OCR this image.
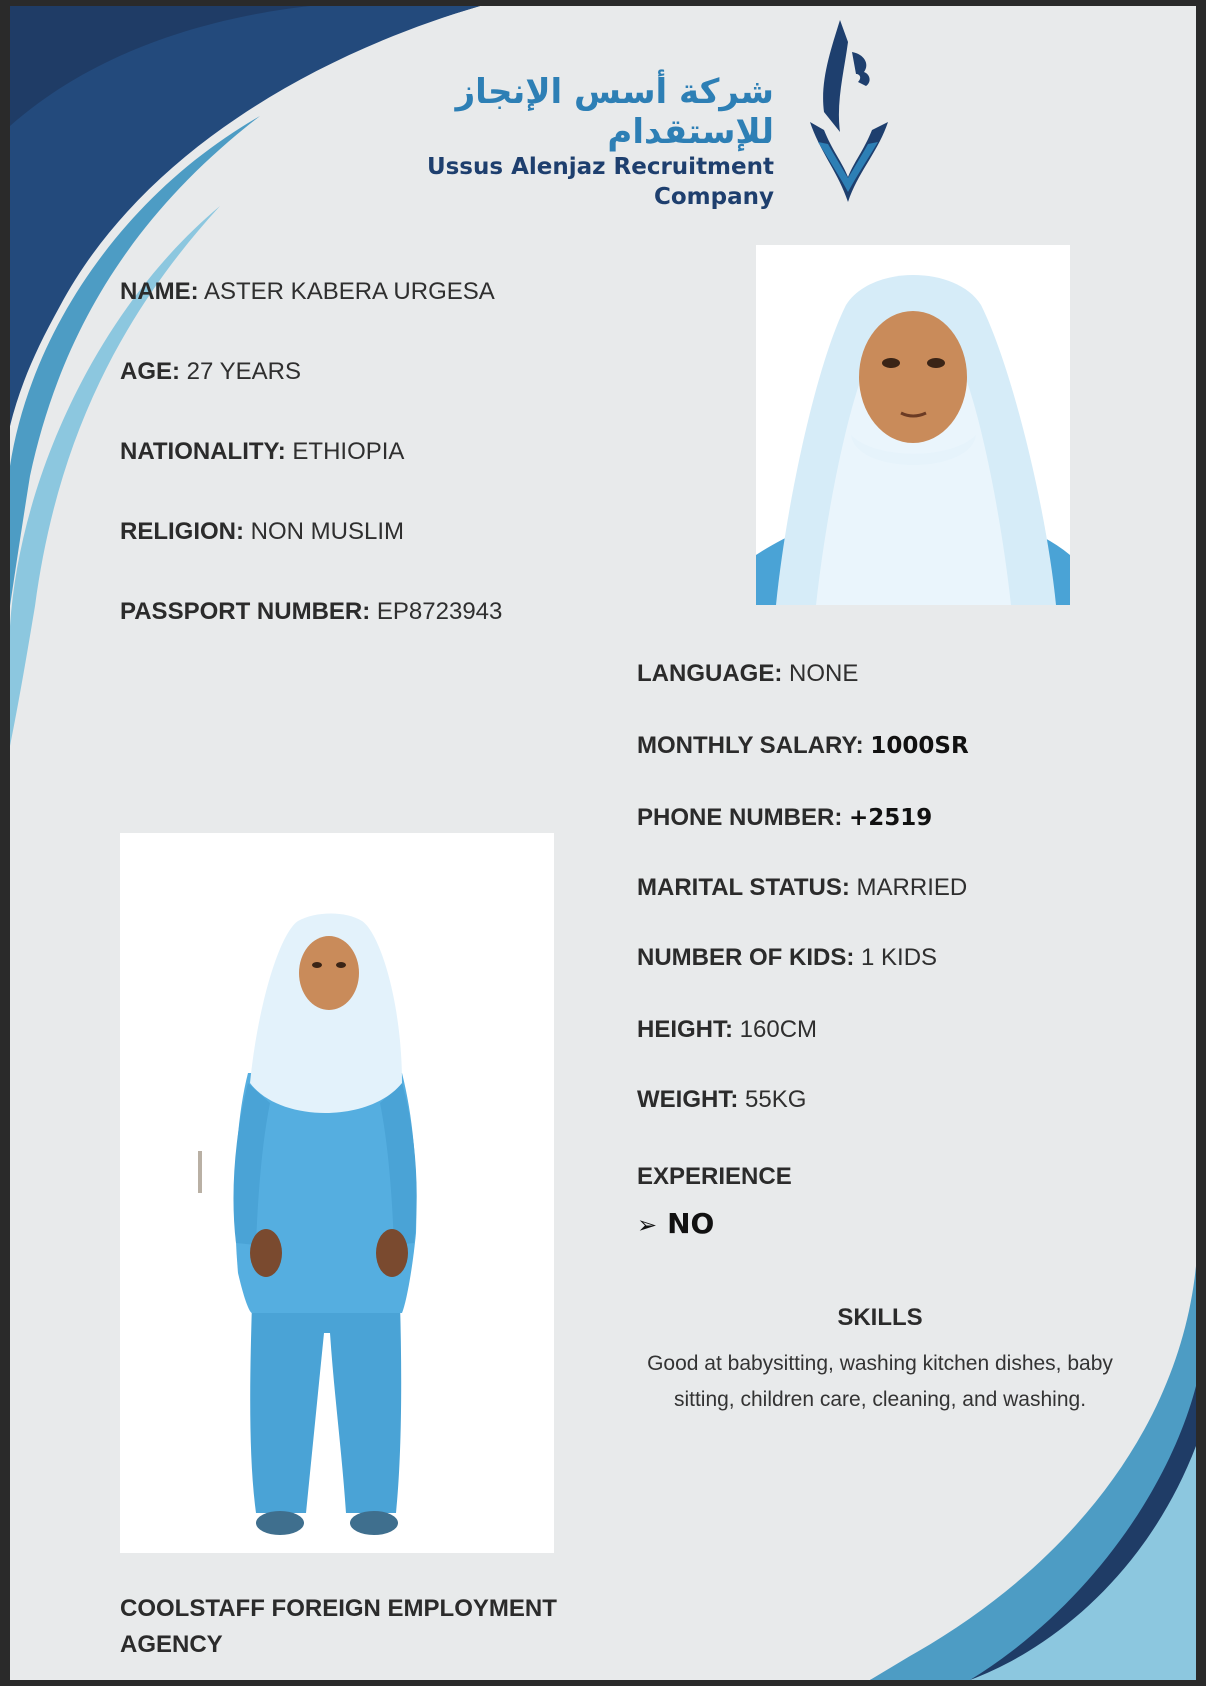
شركة أسس الإنجاز للإستقدام
Ussus Alenjaz Recruitment Company
NAME: ASTER KABERA URGESA
AGE: 27 YEARS
NATIONALITY: ETHIOPIA
RELIGION: NON MUSLIM
PASSPORT NUMBER: EP8723943
LANGUAGE: NONE
MONTHLY SALARY: 1000SR
PHONE NUMBER: +2519
MARITAL STATUS: MARRIED
NUMBER OF KIDS: 1 KIDS
HEIGHT: 160CM
WEIGHT: 55KG
EXPERIENCE
➢ NO
SKILLS
Good at babysitting, washing kitchen dishes, baby sitting, children care, cleaning, and washing.
COOLSTAFF FOREIGN EMPLOYMENT AGENCY
